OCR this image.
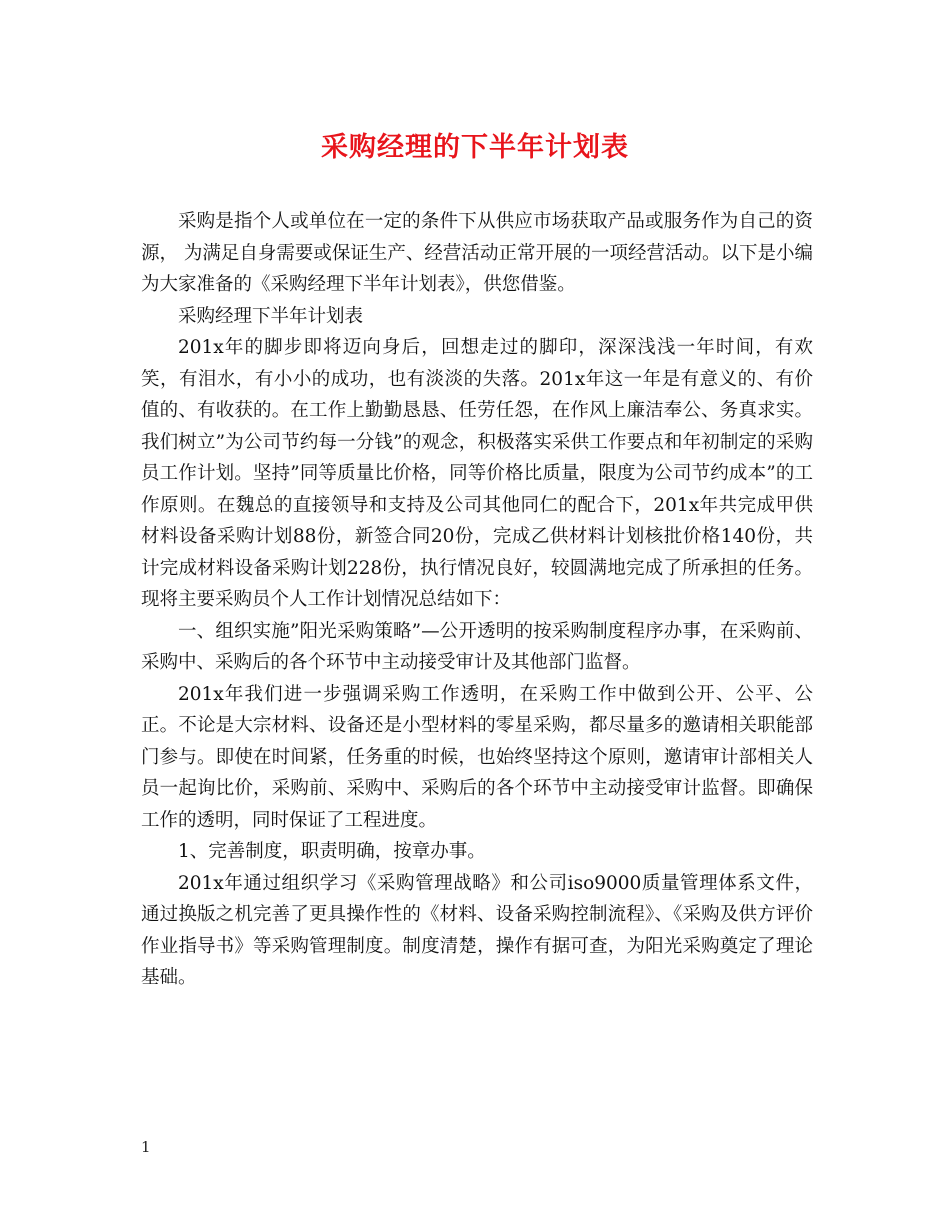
采购经理的下半年计划表

采购是指个人或单位在一定的条件下从供应市场获取产品或服务作为自己的资源， 为满足自身需要或保证生产、经营活动正常开展的一项经营活动。以下是小编为大家准备的《采购经理下半年计划表》，供您借鉴。

采购经理下半年计划表

201x年的脚步即将迈向身后，回想走过的脚印，深深浅浅一年时间，有欢笑，有泪水，有小小的成功，也有淡淡的失落。201x年这一年是有意义的、有价值的、有收获的。在工作上勤勤恳恳、任劳任怨，在作风上廉洁奉公、务真求实。我们树立”为公司节约每一分钱”的观念，积极落实采供工作要点和年初制定的采购员工作计划。坚持”同等质量比价格，同等价格比质量，限度为公司节约成本”的工作原则。在魏总的直接领导和支持及公司其他同仁的配合下，201x年共完成甲供材料设备采购计划88份，新签合同20份，完成乙供材料计划核批价格140份，共计完成材料设备采购计划228份，执行情况良好，较圆满地完成了所承担的任务。现将主要采购员个人工作计划情况总结如下：

一、组织实施”阳光采购策略”—公开透明的按采购制度程序办事，在采购前、采购中、采购后的各个环节中主动接受审计及其他部门监督。

201x年我们进一步强调采购工作透明，在采购工作中做到公开、公平、公正。不论是大宗材料、设备还是小型材料的零星采购，都尽量多的邀请相关职能部门参与。即使在时间紧，任务重的时候，也始终坚持这个原则，邀请审计部相关人员一起询比价，采购前、采购中、采购后的各个环节中主动接受审计监督。即确保工作的透明，同时保证了工程进度。

1、完善制度，职责明确，按章办事。

201x年通过组织学习《采购管理战略》和公司iso9000质量管理体系文件，通过换版之机完善了更具操作性的《材料、设备采购控制流程》、《采购及供方评价作业指导书》等采购管理制度。制度清楚，操作有据可查，为阳光采购奠定了理论基础。

1
